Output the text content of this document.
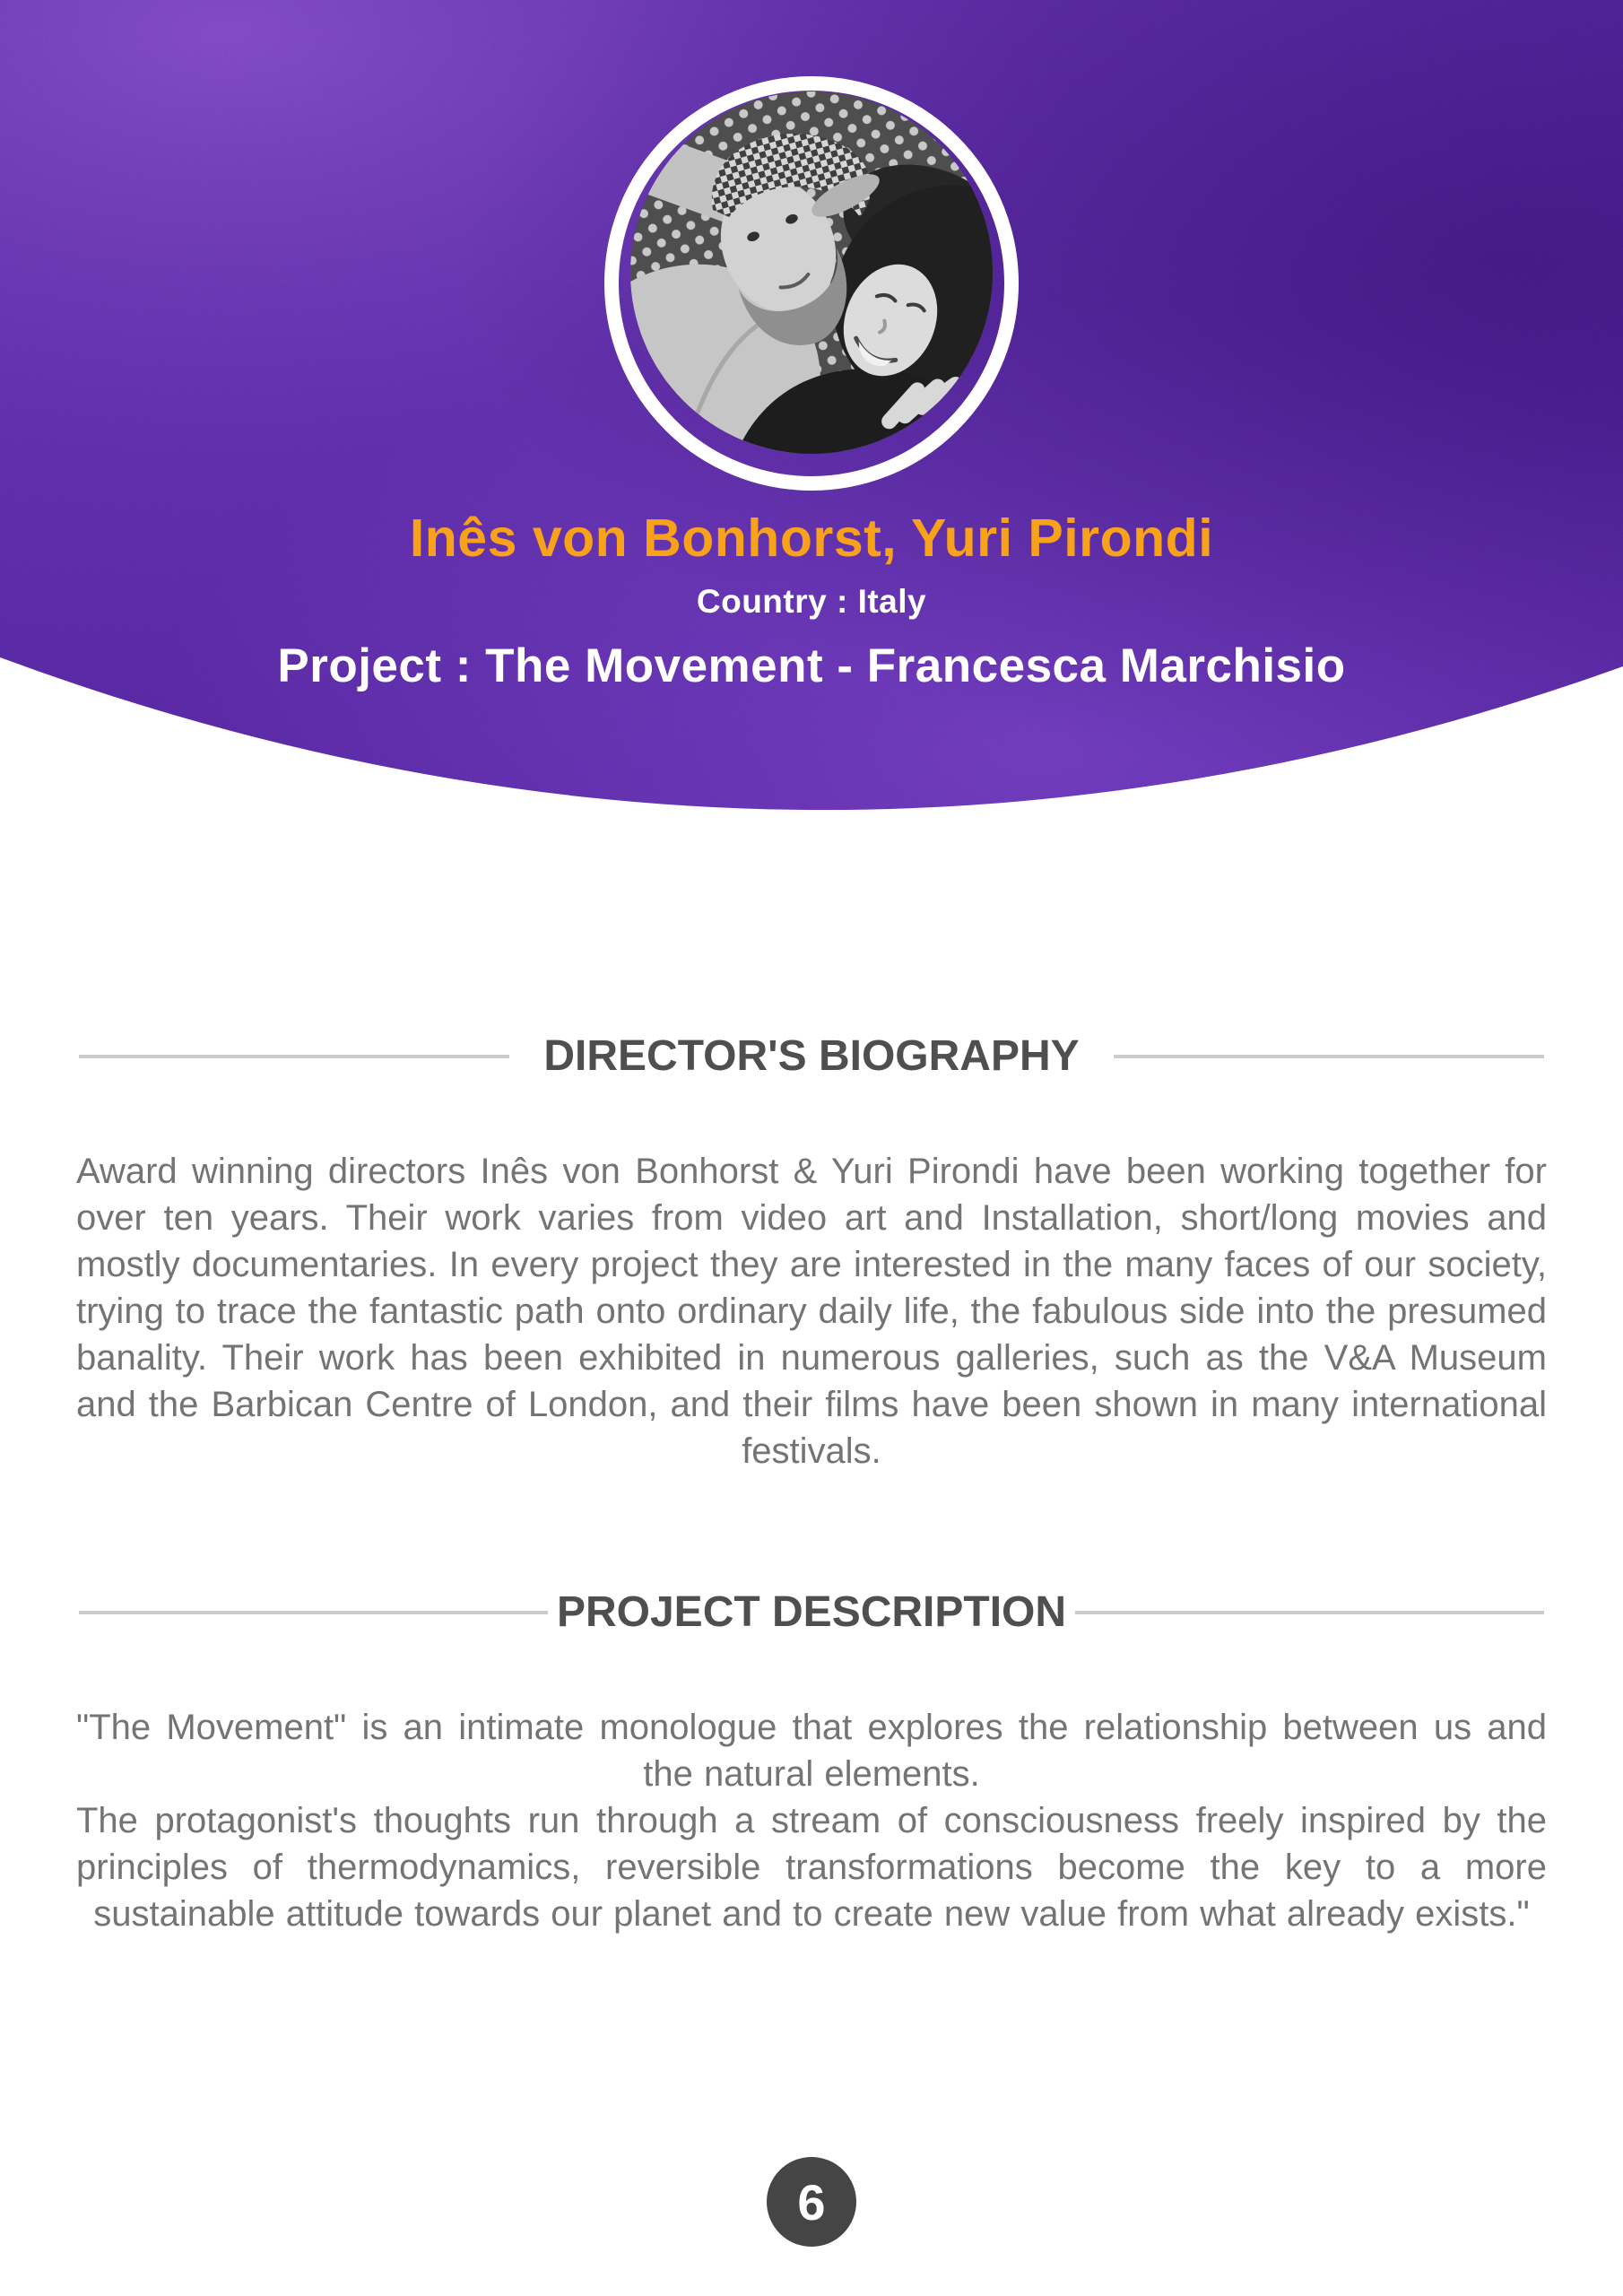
Inês von Bonhorst, Yuri Pirondi
Country : Italy
Project : The Movement - Francesca Marchisio
DIRECTOR'S BIOGRAPHY

Award winning directors Inês von Bonhorst & Yuri Pirondi have been working together for over ten years. Their work varies from video art and Installation, short/long movies and mostly documentaries. In every project they are interested in the many faces of our society, trying to trace the fantastic path onto ordinary daily life, the fabulous side into the presumed banality. Their work has been exhibited in numerous galleries, such as the V&A Museum and the Barbican Centre of London, and their films have been shown in many international festivals.

PROJECT DESCRIPTION

"The Movement" is an intimate monologue that explores the relationship between us and the natural elements.

The protagonist's thoughts run through a stream of consciousness freely inspired by the principles of thermodynamics, reversible transformations become the key to a more sustainable attitude towards our planet and to create new value from what already exists."

6
